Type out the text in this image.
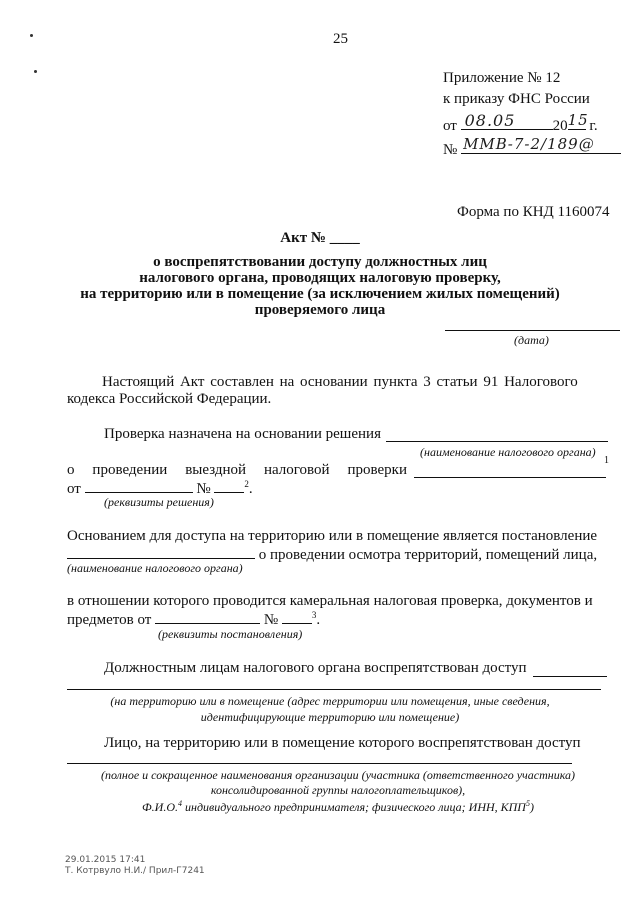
25
Приложение № 12
к приказу ФНС России
от 08.05 20 15 г.
№ ММВ-7-2/189@
Форма по КНД 1160074
Акт № ____
о воспрепятствовании доступу должностных лиц
налогового органа, проводящих налоговую проверку,
на территорию или в помещение (за исключением жилых помещений)
проверяемого лица
(дата)
Настоящий Акт составлен на основании пункта 3 статьи 91 Налогового
кодекса Российской Федерации.
Проверка назначена на основании решения
(наименование налогового органа)
1
о проведении выездной налоговой проверки
от	№	$^2$.
(реквизиты решения)
Основанием для доступа на территорию или в помещение является постановление
о проведении осмотра территорий, помещений лица,
(наименование налогового органа)
в отношении которого проводится камеральная налоговая проверка, документов и
предметов от	№	$^3$.
(реквизиты постановления)
Должностным лицам налогового органа воспрепятствован доступ
(на территорию или в помещение (адрес территории или помещения, иные сведения,
идентифицирующие территорию или помещение)
Лицо, на территорию или в помещение которого воспрепятствован доступ
(полное и сокращенное наименования организации (участника (ответственного участника)
консолидированной группы налогоплательщиков),
Ф.И.О.$^4$ индивидуального предпринимателя; физического лица; ИНН, КПП$^5$)
29.01.2015 17:41
Т. Котрвуло Н.И./ Прил-Г7241
